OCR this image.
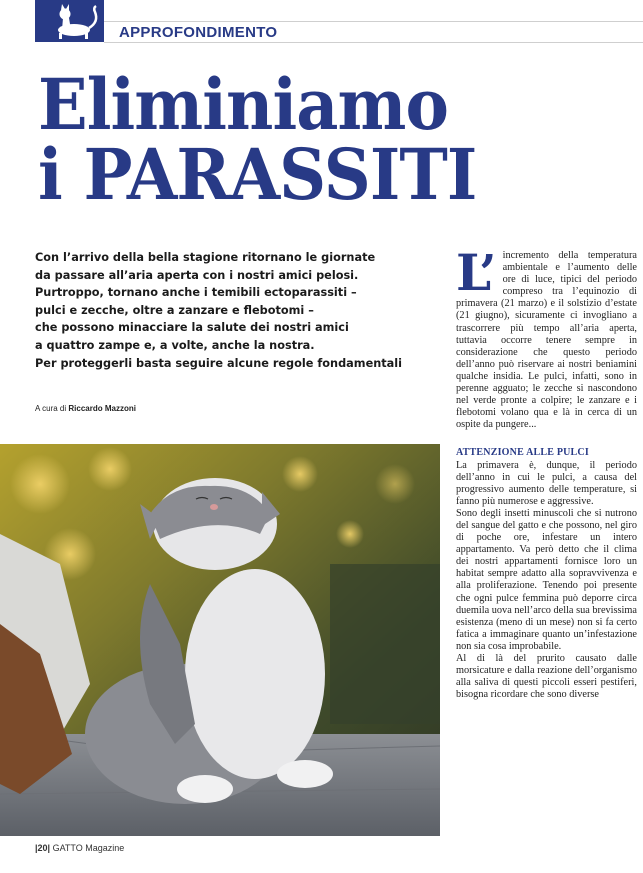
APPROFONDIMENTO
Eliminiamo
i PARASSITI
Con l’arrivo della bella stagione ritornano le giornate
da passare all’aria aperta con i nostri amici pelosi.
Purtroppo, tornano anche i temibili ectoparassiti –
pulci e zecche, oltre a zanzare e flebotomi –
che possono minacciare la salute dei nostri amici
a quattro zampe e, a volte, anche la nostra.
Per proteggerli basta seguire alcune regole fondamentali
A cura di Riccardo Mazzoni

L’ incremento della temperatura ambientale e l’aumento delle ore di luce, tipici del periodo compreso tra l’equinozio di primavera (21 marzo) e il solstizio d’estate (21 giugno), sicuramente ci invogliano a trascorrere più tempo all’aria aperta, tuttavia occorre tenere sempre in considerazione che questo periodo dell’anno può riservare ai nostri beniamini qualche insidia. Le pulci, infatti, sono in perenne agguato; le zecche si nascondono nel verde pronte a colpire; le zanzare e i flebotomi volano qua e là in cerca di un ospite da pungere...

ATTENZIONE ALLE PULCI

La primavera è, dunque, il periodo dell’anno in cui le pulci, a causa del progressivo aumento delle temperature, si fanno più numerose e aggressive.

Sono degli insetti minuscoli che si nutrono del sangue del gatto e che possono, nel giro di poche ore, infestare un intero appartamento. Va però detto che il clima dei nostri appartamenti fornisce loro un habitat sempre adatto alla sopravvivenza e alla proliferazione. Tenendo poi presente che ogni pulce femmina può deporre circa duemila uova nell’arco della sua brevissima esistenza (meno di un mese) non si fa certo fatica a immaginare quanto un’infestazione non sia cosa improbabile.

Al di là del prurito causato dalle morsicature e dalla reazione dell’organismo alla saliva di questi piccoli esseri pestiferi, bisogna ricordare che sono diverse

|20| GATTO Magazine
